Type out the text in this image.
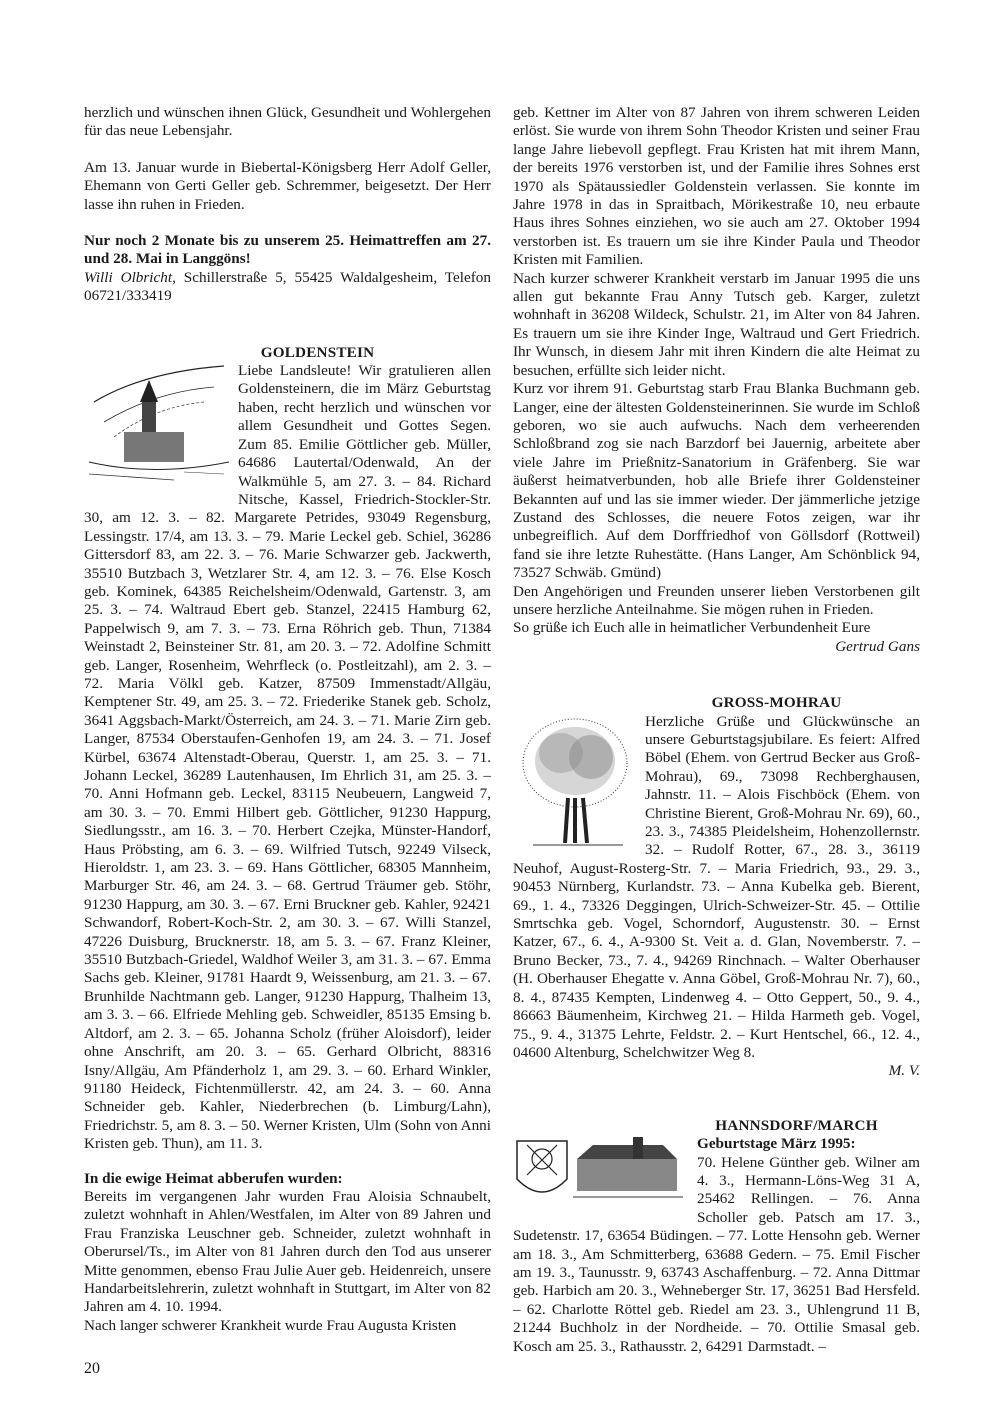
herzlich und wünschen ihnen Glück, Gesundheit und Wohlergehen für das neue Lebensjahr.

Am 13. Januar wurde in Biebertal-Königsberg Herr Adolf Geller, Ehemann von Gerti Geller geb. Schremmer, beigesetzt. Der Herr lasse ihn ruhen in Frieden.

Nur noch 2 Monate bis zu unserem 25. Heimattreffen am 27. und 28. Mai in Langgöns!

Willi Olbricht, Schillerstraße 5, 55425 Waldalgesheim, Telefon 06721/333419

GOLDENSTEIN

Liebe Landsleute! Wir gratulieren allen Goldensteinern, die im März Geburtstag haben, recht herzlich und wünschen vor allem Gesundheit und Gottes Segen. Zum 85. Emilie Göttlicher geb. Müller, 64686 Lautertal/Odenwald, An der Walkmühle 5, am 27. 3. – 84. Richard Nitsche, Kassel, Friedrich-Stockler-Str. 30, am 12. 3. – 82. Margarete Petrides, 93049 Regensburg, Lessingstr. 17/4, am 13. 3. – 79. Marie Leckel geb. Schiel, 36286 Gittersdorf 83, am 22. 3. – 76. Marie Schwarzer geb. Jackwerth, 35510 Butzbach 3, Wetzlarer Str. 4, am 12. 3. – 76. Else Kosch geb. Kominek, 64385 Reichelsheim/Odenwald, Gartenstr. 3, am 25. 3. – 74. Waltraud Ebert geb. Stanzel, 22415 Hamburg 62, Pappelwisch 9, am 7. 3. – 73. Erna Röhrich geb. Thun, 71384 Weinstadt 2, Beinsteiner Str. 81, am 20. 3. – 72. Adolfine Schmitt geb. Langer, Rosenheim, Wehrfleck (o. Postleitzahl), am 2. 3. – 72. Maria Völkl geb. Katzer, 87509 Immenstadt/Allgäu, Kemptener Str. 49, am 25. 3. – 72. Friederike Stanek geb. Scholz, 3641 Aggsbach-Markt/Österreich, am 24. 3. – 71. Marie Zirn geb. Langer, 87534 Oberstaufen-Genhofen 19, am 24. 3. – 71. Josef Kürbel, 63674 Altenstadt-Oberau, Querstr. 1, am 25. 3. – 71. Johann Leckel, 36289 Lautenhausen, Im Ehrlich 31, am 25. 3. – 70. Anni Hofmann geb. Leckel, 83115 Neubeuern, Langweid 7, am 30. 3. – 70. Emmi Hilbert geb. Göttlicher, 91230 Happurg, Siedlungsstr., am 16. 3. – 70. Herbert Czejka, Münster-Handorf, Haus Pröbsting, am 6. 3. – 69. Wilfried Tutsch, 92249 Vilseck, Hieroldstr. 1, am 23. 3. – 69. Hans Göttlicher, 68305 Mannheim, Marburger Str. 46, am 24. 3. – 68. Gertrud Träumer geb. Stöhr, 91230 Happurg, am 30. 3. – 67. Erni Bruckner geb. Kahler, 92421 Schwandorf, Robert-Koch-Str. 2, am 30. 3. – 67. Willi Stanzel, 47226 Duisburg, Brucknerstr. 18, am 5. 3. – 67. Franz Kleiner, 35510 Butzbach-Griedel, Waldhof Weiler 3, am 31. 3. – 67. Emma Sachs geb. Kleiner, 91781 Haardt 9, Weissenburg, am 21. 3. – 67. Brunhilde Nachtmann geb. Langer, 91230 Happurg, Thalheim 13, am 3. 3. – 66. Elfriede Mehling geb. Schweidler, 85135 Emsing b. Altdorf, am 2. 3. – 65. Johanna Scholz (früher Aloisdorf), leider ohne Anschrift, am 20. 3. – 65. Gerhard Olbricht, 88316 Isny/Allgäu, Am Pfänderholz 1, am 29. 3. – 60. Erhard Winkler, 91180 Heideck, Fichtenmüllerstr. 42, am 24. 3. – 60. Anna Schneider geb. Kahler, Niederbrechen (b. Limburg/Lahn), Friedrichstr. 5, am 8. 3. – 50. Werner Kristen, Ulm (Sohn von Anni Kristen geb. Thun), am 11. 3.

In die ewige Heimat abberufen wurden:

Bereits im vergangenen Jahr wurden Frau Aloisia Schnaubelt, zuletzt wohnhaft in Ahlen/Westfalen, im Alter von 89 Jahren und Frau Franziska Leuschner geb. Schneider, zuletzt wohnhaft in Oberursel/Ts., im Alter von 81 Jahren durch den Tod aus unserer Mitte genommen, ebenso Frau Julie Auer geb. Heidenreich, unsere Handarbeitslehrerin, zuletzt wohnhaft in Stuttgart, im Alter von 82 Jahren am 4. 10. 1994.

Nach langer schwerer Krankheit wurde Frau Augusta Kristen

geb. Kettner im Alter von 87 Jahren von ihrem schweren Leiden erlöst. Sie wurde von ihrem Sohn Theodor Kristen und seiner Frau lange Jahre liebevoll gepflegt. Frau Kristen hat mit ihrem Mann, der bereits 1976 verstorben ist, und der Familie ihres Sohnes erst 1970 als Spätaussiedler Goldenstein verlassen. Sie konnte im Jahre 1978 in das in Spraitbach, Mörikestraße 10, neu erbaute Haus ihres Sohnes einziehen, wo sie auch am 27. Oktober 1994 verstorben ist. Es trauern um sie ihre Kinder Paula und Theodor Kristen mit Familien.

Nach kurzer schwerer Krankheit verstarb im Januar 1995 die uns allen gut bekannte Frau Anny Tutsch geb. Karger, zuletzt wohnhaft in 36208 Wildeck, Schulstr. 21, im Alter von 84 Jahren. Es trauern um sie ihre Kinder Inge, Waltraud und Gert Friedrich. Ihr Wunsch, in diesem Jahr mit ihren Kindern die alte Heimat zu besuchen, erfüllte sich leider nicht.

Kurz vor ihrem 91. Geburtstag starb Frau Blanka Buchmann geb. Langer, eine der ältesten Goldensteinerinnen. Sie wurde im Schloß geboren, wo sie auch aufwuchs. Nach dem verheerenden Schloßbrand zog sie nach Barzdorf bei Jauernig, arbeitete aber viele Jahre im Prießnitz-Sanatorium in Gräfenberg. Sie war äußerst heimatverbunden, hob alle Briefe ihrer Goldensteiner Bekannten auf und las sie immer wieder. Der jämmerliche jetzige Zustand des Schlosses, die neuere Fotos zeigen, war ihr unbegreiflich. Auf dem Dorffriedhof von Göllsdorf (Rottweil) fand sie ihre letzte Ruhestätte. (Hans Langer, Am Schönblick 94, 73527 Schwäb. Gmünd)

Den Angehörigen und Freunden unserer lieben Verstorbenen gilt unsere herzliche Anteilnahme. Sie mögen ruhen in Frieden.

So grüße ich Euch alle in heimatlicher Verbundenheit Eure

Gertrud Gans

GROSS-MOHRAU

Herzliche Grüße und Glückwünsche an unsere Geburtstagsjubilare. Es feiert: Alfred Böbel (Ehem. von Gertrud Becker aus Groß-Mohrau), 69., 73098 Rechberghausen, Jahnstr. 11. – Alois Fischböck (Ehem. von Christine Bierent, Groß-Mohrau Nr. 69), 60., 23. 3., 74385 Pleidelsheim, Hohenzollernstr. 32. – Rudolf Rotter, 67., 28. 3., 36119 Neuhof, August-Rosterg-Str. 7. – Maria Friedrich, 93., 29. 3., 90453 Nürnberg, Kurlandstr. 73. – Anna Kubelka geb. Bierent, 69., 1. 4., 73326 Deggingen, Ulrich-Schweizer-Str. 45. – Ottilie Smrtschka geb. Vogel, Schorndorf, Augustenstr. 30. – Ernst Katzer, 67., 6. 4., A-9300 St. Veit a. d. Glan, Novemberstr. 7. – Bruno Becker, 73., 7. 4., 94269 Rinchnach. – Walter Oberhauser (H. Oberhauser Ehegatte v. Anna Göbel, Groß-Mohrau Nr. 7), 60., 8. 4., 87435 Kempten, Lindenweg 4. – Otto Geppert, 50., 9. 4., 86663 Bäumenheim, Kirchweg 21. – Hilda Harmeth geb. Vogel, 75., 9. 4., 31375 Lehrte, Feldstr. 2. – Kurt Hentschel, 66., 12. 4., 04600 Altenburg, Schelchwitzer Weg 8.

M. V.

HANNSDORF/MARCH

Geburtstage März 1995:

70. Helene Günther geb. Wilner am 4. 3., Hermann-Löns-Weg 31 A, 25462 Rellingen. – 76. Anna Scholler geb. Patsch am 17. 3., Sudetenstr. 17, 63654 Büdingen. – 77. Lotte Hensohn geb. Werner am 18. 3., Am Schmitterberg, 63688 Gedern. – 75. Emil Fischer am 19. 3., Taunusstr. 9, 63743 Aschaffenburg. – 72. Anna Dittmar geb. Harbich am 20. 3., Wehneberger Str. 17, 36251 Bad Hersfeld. – 62. Charlotte Röttel geb. Riedel am 23. 3., Uhlengrund 11 B, 21244 Buchholz in der Nordheide. – 70. Ottilie Smasal geb. Kosch am 25. 3., Rathausstr. 2, 64291 Darmstadt. –

20
